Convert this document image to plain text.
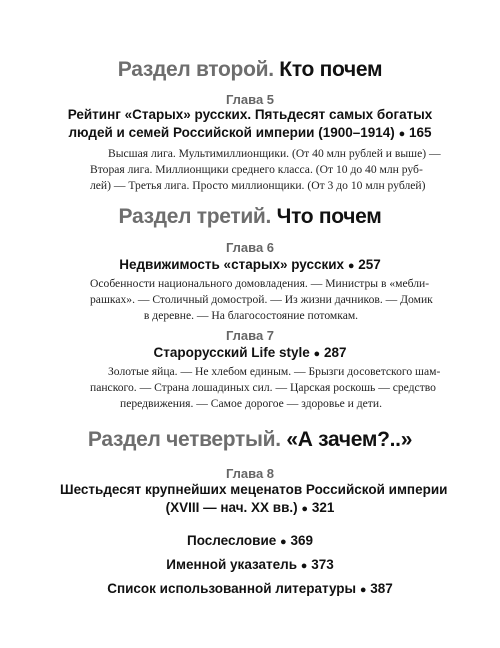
Раздел второй. Кто почем
Глава 5
Рейтинг «Старых» русских. Пятьдесят самых богатых
людей и семей Российской империи (1900–1914) ● 165
Высшая лига. Мультимиллионщики. (От 40 млн рублей и выше) —
Вторая лига. Миллионщики среднего класса. (От 10 до 40 млн руб-
лей) — Третья лига. Просто миллионщики. (От 3 до 10 млн рублей)
Раздел третий. Что почем
Глава 6
Недвижимость «старых» русских ● 257
Особенности национального домовладения. — Министры в «мебли-
рашках». — Столичный домострой. — Из жизни дачников. — Домик
в деревне. — На благосостояние потомкам.
Глава 7
Старорусский Life style ● 287
Золотые яйца. — Не хлебом единым. — Брызги досоветского шам-
панского. — Страна лошадиных сил. — Царская роскошь — средство
передвижения. — Самое дорогое — здоровье и дети.
Раздел четвертый. «А зачем?..»
Глава 8
Шестьдесят крупнейших меценатов Российской империи
(XVIII — нач. XX вв.) ● 321
Послесловие ● 369
Именной указатель ● 373
Список использованной литературы ● 387
